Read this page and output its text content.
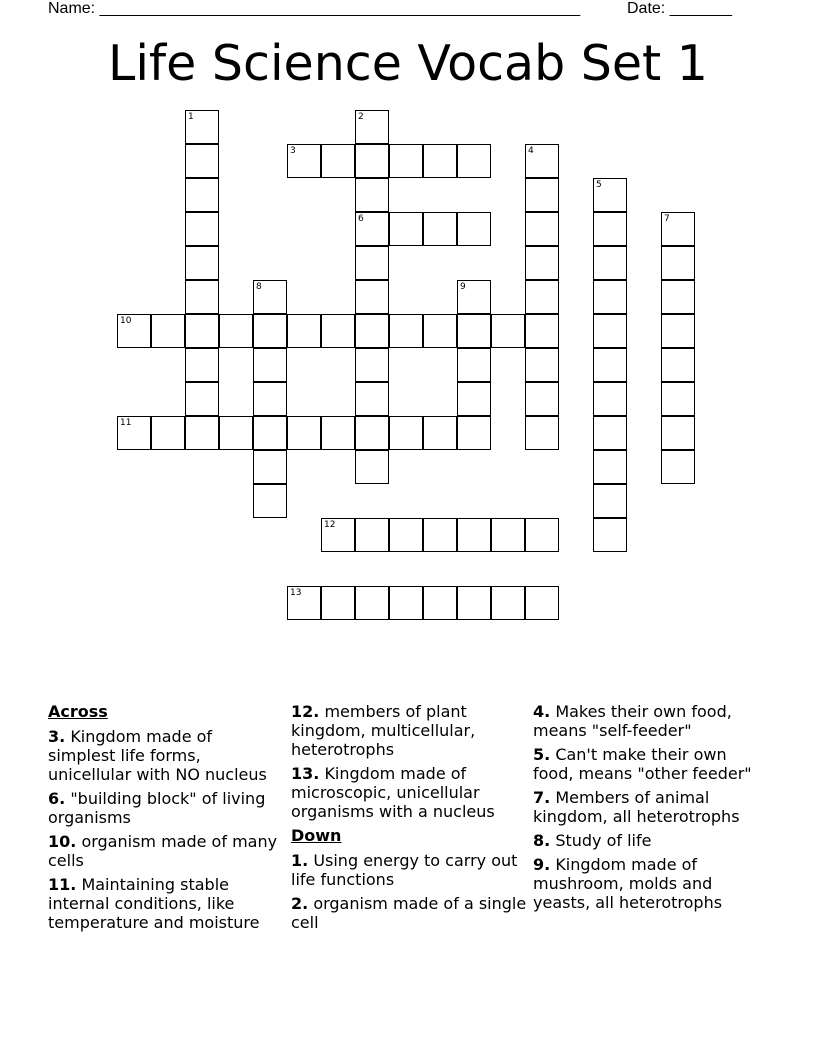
Name: ______________________________________________________	Date: _______
Life Science Vocab Set 1
1	2
6
3	4
5
7
8	9
10
11
12
13
Across
3. Kingdom made of simplest life forms, unicellular with NO nucleus
6. "building block" of living organisms
10. organism made of many cells
11. Maintaining stable internal conditions, like temperature and moisture
12. members of plant kingdom, multicellular, heterotrophs
13. Kingdom made of microscopic, unicellular organisms with a nucleus
Down
1. Using energy to carry out life functions
2. organism made of a single cell
4. Makes their own food, means "self-feeder"
5. Can't make their own food, means "other feeder"
7. Members of animal kingdom, all heterotrophs
8. Study of life
9. Kingdom made of mushroom, molds and yeasts, all heterotrophs
